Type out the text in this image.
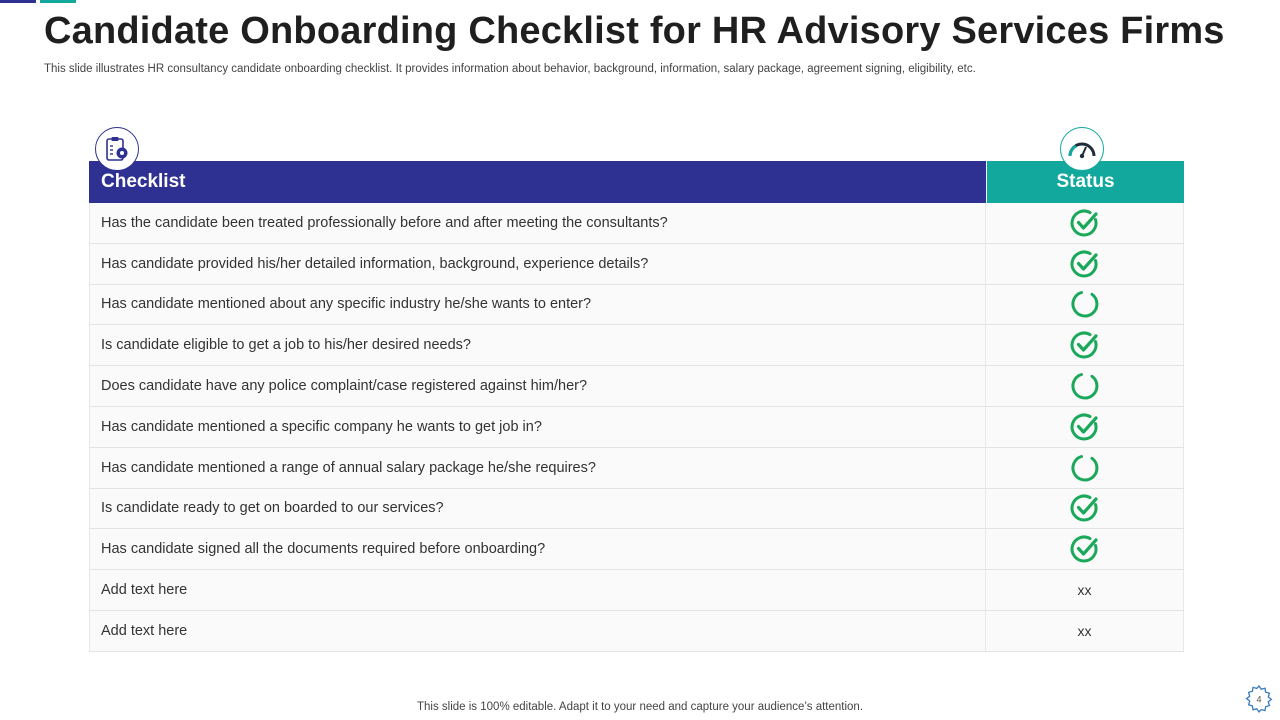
Candidate Onboarding Checklist for HR Advisory Services Firms

This slide illustrates HR consultancy candidate onboarding checklist. It provides information about behavior, background, information, salary package, agreement signing, eligibility, etc.

Checklist	Status
Has the candidate been treated professionally before and after meeting the consultants?
Has candidate provided his/her detailed information, background, experience details?
Has candidate mentioned about any specific industry he/she wants to enter?
Is candidate eligible to get a job to his/her desired needs?
Does candidate have any police complaint/case registered against him/her?
Has candidate mentioned a specific company he wants to get job in?
Has candidate mentioned a range of annual salary package he/she requires?
Is candidate ready to get on boarded to our services?
Has candidate signed all the documents required before onboarding?
Add text here	xx
Add text here	xx
This slide is 100% editable. Adapt it to your need and capture your audience’s attention.
4
